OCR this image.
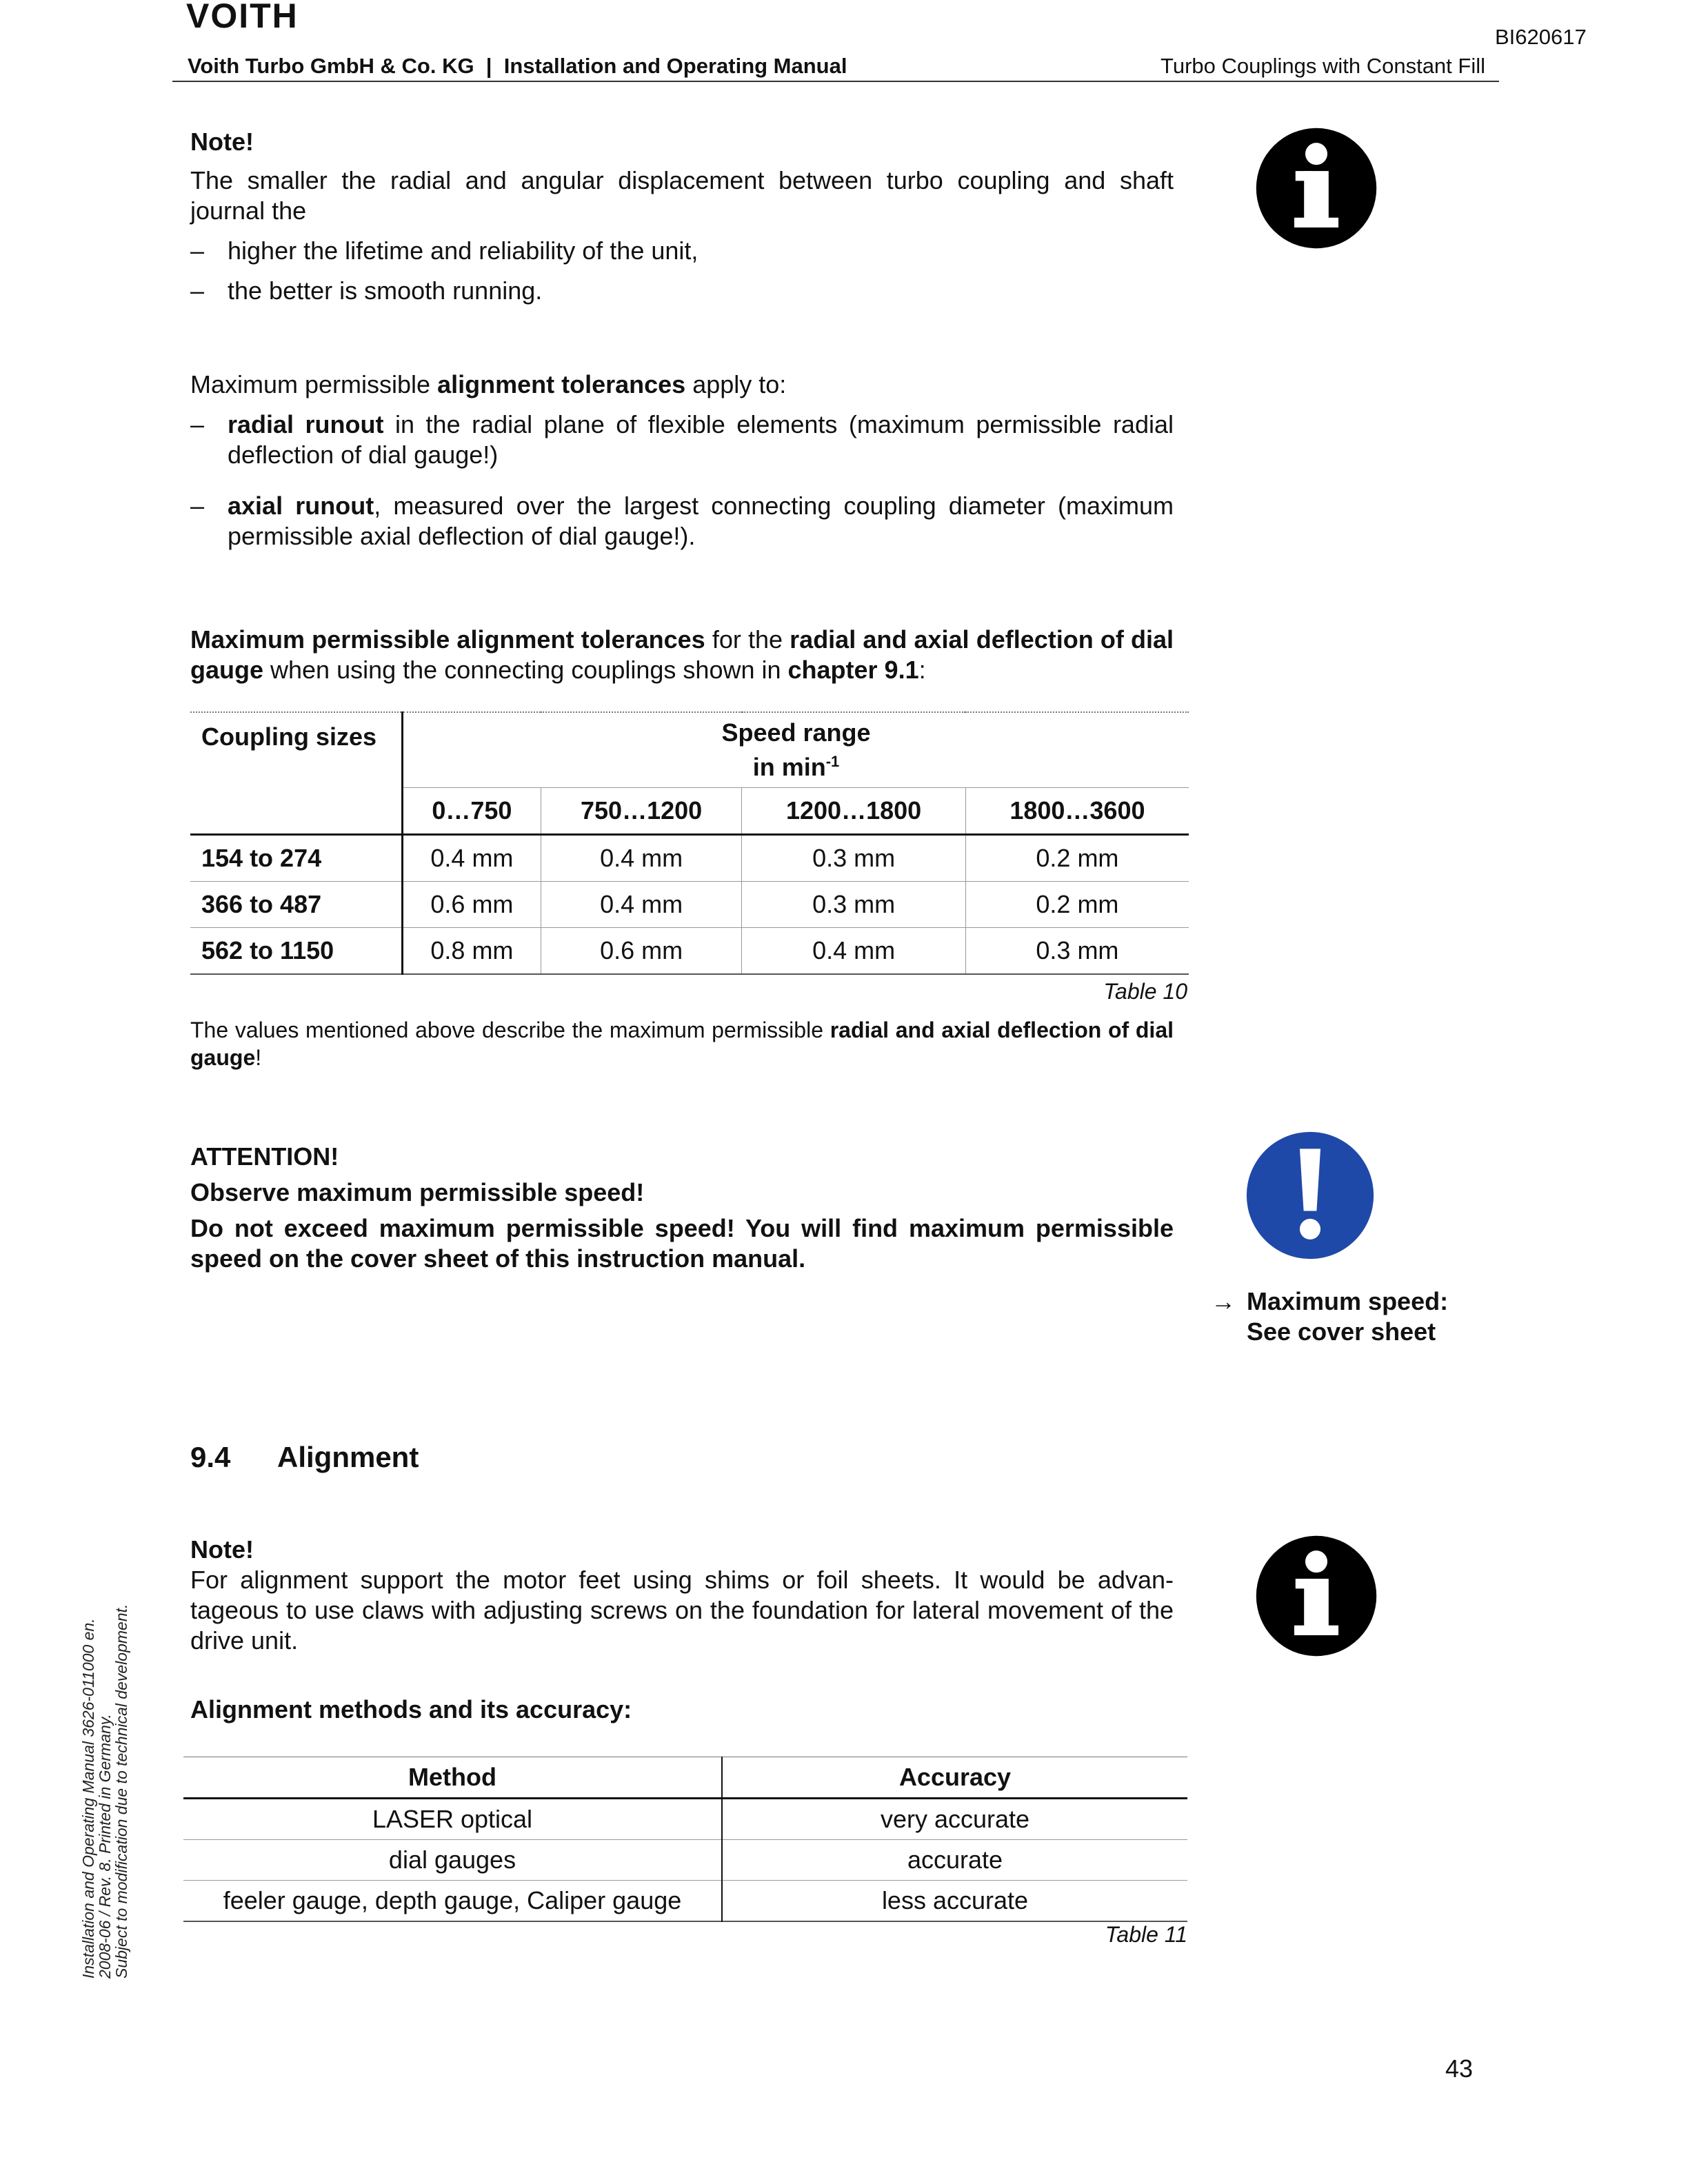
VOITH
BI620617
Voith Turbo GmbH & Co. KG  |  Installation and Operating Manual	Turbo Couplings with Constant Fill
Note!
The smaller the radial and angular displacement between turbo coupling and shaft journal the
– higher the lifetime and reliability of the unit,
– the better is smooth running.
Maximum permissible alignment tolerances apply to:
– radial runout in the radial plane of flexible elements (maximum permissible radial deflection of dial gauge!)
– axial runout, measured over the largest connecting coupling diameter (maximum permissible axial deflection of dial gauge!).
Maximum permissible alignment tolerances for the radial and axial deflection of dial gauge when using the connecting couplings shown in chapter 9.1:
Coupling sizes	Speed range
in $\min^{-1}$
	0…750	750…1200	1200…1800	1800…3600
154 to 274	0.4 mm	0.4 mm	0.3 mm	0.2 mm
366 to 487	0.6 mm	0.4 mm	0.3 mm	0.2 mm
562 to 1150	0.8 mm	0.6 mm	0.4 mm	0.3 mm
Table 10
The values mentioned above describe the maximum permissible radial and axial deflection of dial gauge!
ATTENTION!
Observe maximum permissible speed!
Do not exceed maximum permissible speed! You will find maximum permissible speed on the cover sheet of this instruction manual.
→ Maximum speed:
See cover sheet
9.4 Alignment
Note!
For alignment support the motor feet using shims or foil sheets. It would be advan-tageous to use claws with adjusting screws on the foundation for lateral movement of the drive unit.
Alignment methods and its accuracy:
Method	Accuracy
LASER optical	very accurate
dial gauges	accurate
feeler gauge, depth gauge, Caliper gauge	less accurate
Table 11
Installation and Operating Manual 3626-011000 en.
2008-06 / Rev. 8. Printed in Germany.
Subject to modification due to technical development.
43
